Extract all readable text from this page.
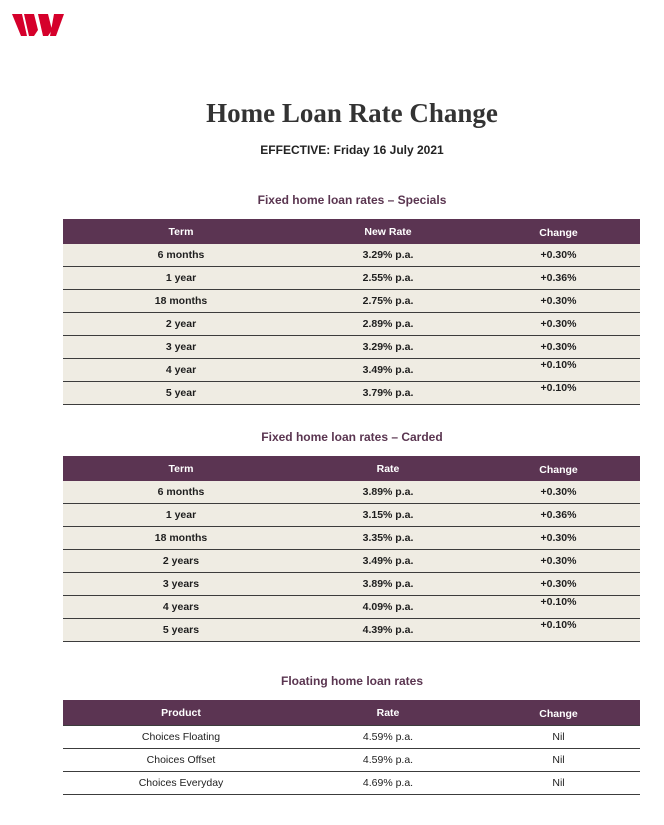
Home Loan Rate Change
EFFECTIVE: Friday 16 July 2021
Fixed home loan rates – Specials
Term	New Rate	Change
6 months	3.29% p.a.	+0.30%
1 year	2.55% p.a.	+0.36%
18 months	2.75% p.a.	+0.30%
2 year	2.89% p.a.	+0.30%
3 year	3.29% p.a.	+0.30%
4 year	3.49% p.a.	+0.10%
5 year	3.79% p.a.	+0.10%
Fixed home loan rates – Carded
Term	Rate	Change
6 months	3.89% p.a.	+0.30%
1 year	3.15% p.a.	+0.36%
18 months	3.35% p.a.	+0.30%
2 years	3.49% p.a.	+0.30%
3 years	3.89% p.a.	+0.30%
4 years	4.09% p.a.	+0.10%
5 years	4.39% p.a.	+0.10%
Floating home loan rates
Product	Rate	Change
Choices Floating	4.59% p.a.	Nil
Choices Offset	4.59% p.a.	Nil
Choices Everyday	4.69% p.a.	Nil
